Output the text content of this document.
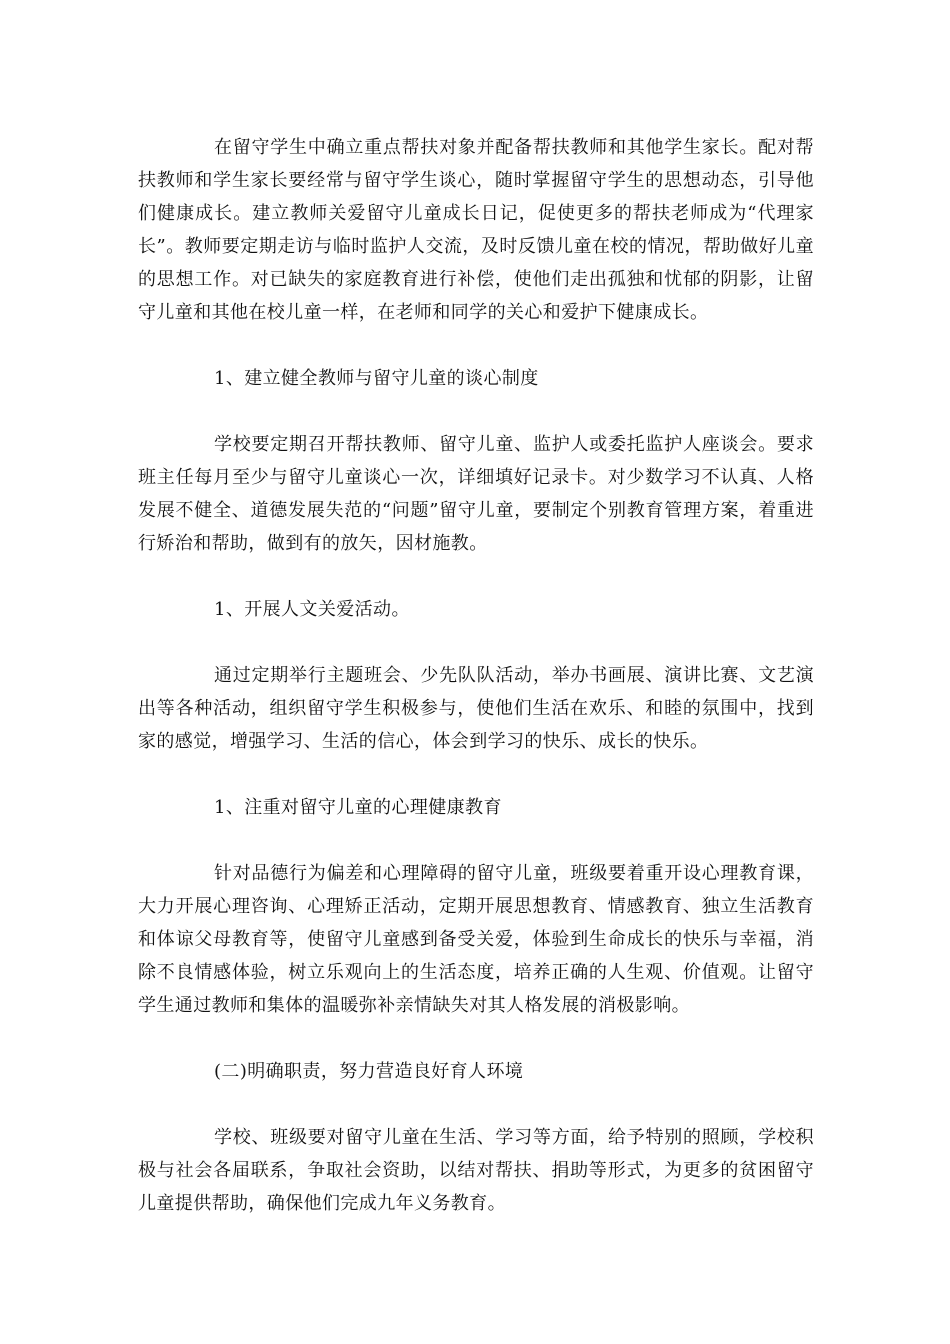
在留守学生中确立重点帮扶对象并配备帮扶教师和其他学生家长。配对帮扶教师和学生家长要经常与留守学生谈心，随时掌握留守学生的思想动态，引导他们健康成长。建立教师关爱留守儿童成长日记，促使更多的帮扶老师成为“代理家长”。教师要定期走访与临时监护人交流，及时反馈儿童在校的情况，帮助做好儿童的思想工作。对已缺失的家庭教育进行补偿，使他们走出孤独和忧郁的阴影，让留守儿童和其他在校儿童一样，在老师和同学的关心和爱护下健康成长。

1、建立健全教师与留守儿童的谈心制度

学校要定期召开帮扶教师、留守儿童、监护人或委托监护人座谈会。要求班主任每月至少与留守儿童谈心一次，详细填好记录卡。对少数学习不认真、人格发展不健全、道德发展失范的“问题”留守儿童，要制定个别教育管理方案，着重进行矫治和帮助，做到有的放矢，因材施教。

1、开展人文关爱活动。

通过定期举行主题班会、少先队队活动，举办书画展、演讲比赛、文艺演出等各种活动，组织留守学生积极参与，使他们生活在欢乐、和睦的氛围中，找到家的感觉，增强学习、生活的信心，体会到学习的快乐、成长的快乐。

1、注重对留守儿童的心理健康教育

针对品德行为偏差和心理障碍的留守儿童，班级要着重开设心理教育课，大力开展心理咨询、心理矫正活动，定期开展思想教育、情感教育、独立生活教育和体谅父母教育等，使留守儿童感到备受关爱，体验到生命成长的快乐与幸福，消除不良情感体验，树立乐观向上的生活态度，培养正确的人生观、价值观。让留守学生通过教师和集体的温暖弥补亲情缺失对其人格发展的消极影响。

(二)明确职责，努力营造良好育人环境

学校、班级要对留守儿童在生活、学习等方面，给予特别的照顾，学校积极与社会各届联系，争取社会资助，以结对帮扶、捐助等形式，为更多的贫困留守儿童提供帮助，确保他们完成九年义务教育。
